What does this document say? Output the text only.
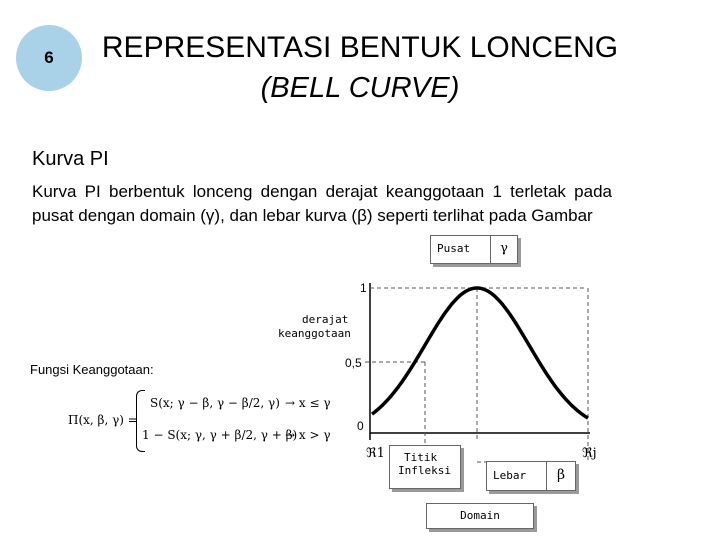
6 REPRESENTASI BENTUK LONCENG
(BELL CURVE)
Kurva PI
Kurva PI berbentuk lonceng dengan derajat keanggotaan 1 terletak pada pusat dengan domain (γ), dan lebar kurva (β) seperti terlihat pada Gambar
1
0,5
0
ℜ1	ℜj
derajat
keanggotaan
Pusat	γ
Titik
Infleksi	Lebar	β
Domain
Fungsi Keanggotaan:
Π(x, β, γ) =
S(x; γ − β, γ − β/2, γ) → x ≤ γ
1 − S(x; γ, γ + β/2, γ + β)
→ x > γ
